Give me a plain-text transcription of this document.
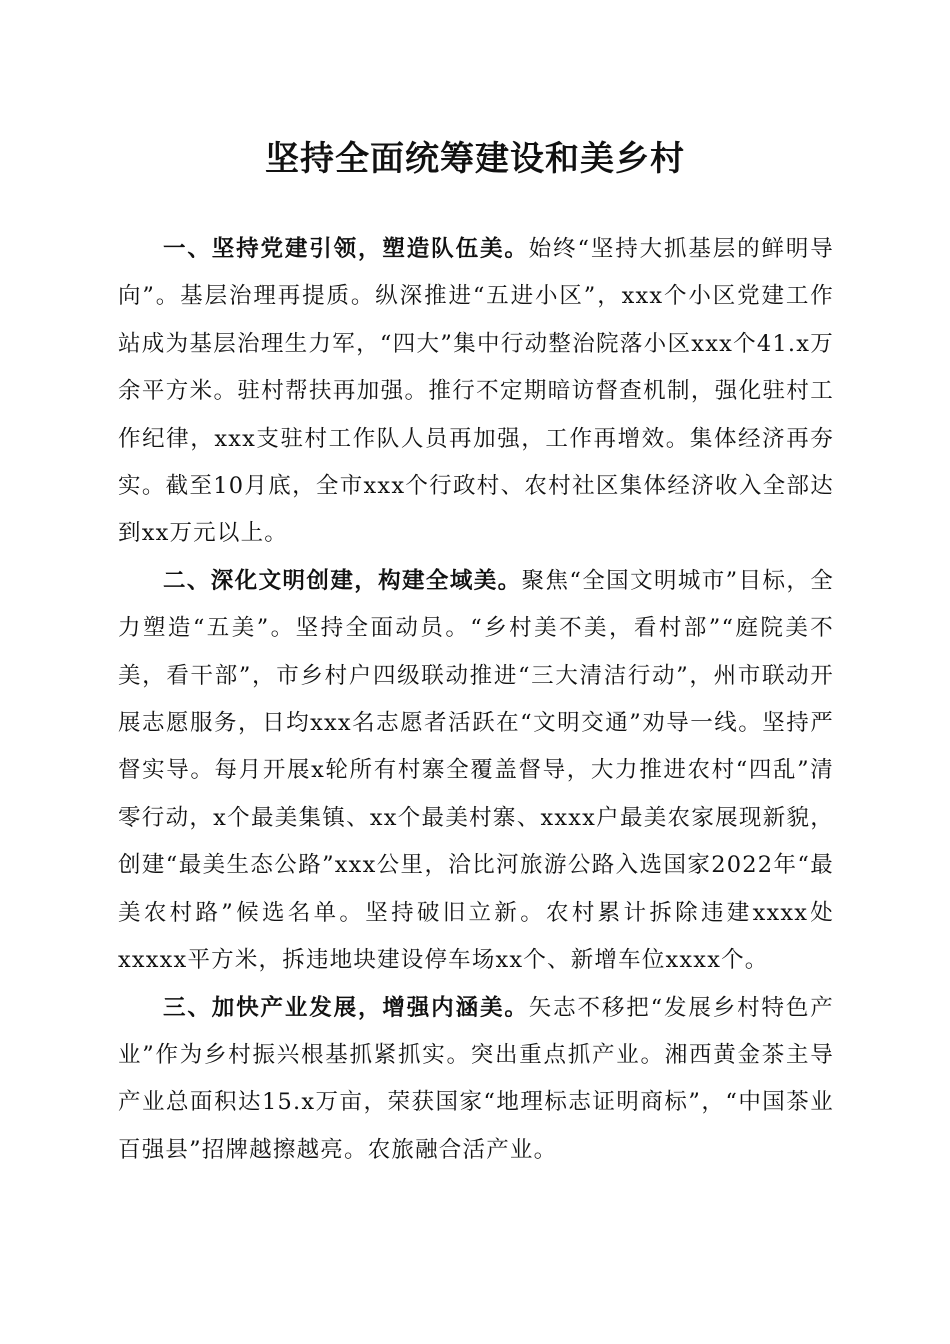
坚持全面统筹建设和美乡村

一、坚持党建引领，塑造队伍美。始终“坚持大抓基层的鲜明导向”。基层治理再提质。纵深推进“五进小区”，xxx个小区党建工作站成为基层治理生力军，“四大”集中行动整治院落小区xxx个41.x万余平方米。驻村帮扶再加强。推行不定期暗访督查机制，强化驻村工作纪律，xxx支驻村工作队人员再加强，工作再增效。集体经济再夯实。截至10月底，全市xxx个行政村、农村社区集体经济收入全部达到xx万元以上。

二、深化文明创建，构建全域美。聚焦“全国文明城市”目标，全力塑造“五美”。坚持全面动员。“乡村美不美，看村部”“庭院美不美，看干部”，市乡村户四级联动推进“三大清洁行动”，州市联动开展志愿服务，日均xxx名志愿者活跃在“文明交通”劝导一线。坚持严督实导。每月开展x轮所有村寨全覆盖督导，大力推进农村“四乱”清零行动，x个最美集镇、xx个最美村寨、xxxx户最美农家展现新貌，创建“最美生态公路”xxx公里，洽比河旅游公路入选国家2022年“最美农村路”候选名单。坚持破旧立新。农村累计拆除违建xxxx处xxxxx平方米，拆违地块建设停车场xx个、新增车位xxxx个。

三、加快产业发展，增强内涵美。矢志不移把“发展乡村特色产业”作为乡村振兴根基抓紧抓实。突出重点抓产业。湘西黄金茶主导产业总面积达15.x万亩，荣获国家“地理标志证明商标”，“中国茶业百强县”招牌越擦越亮。农旅融合活产业。
